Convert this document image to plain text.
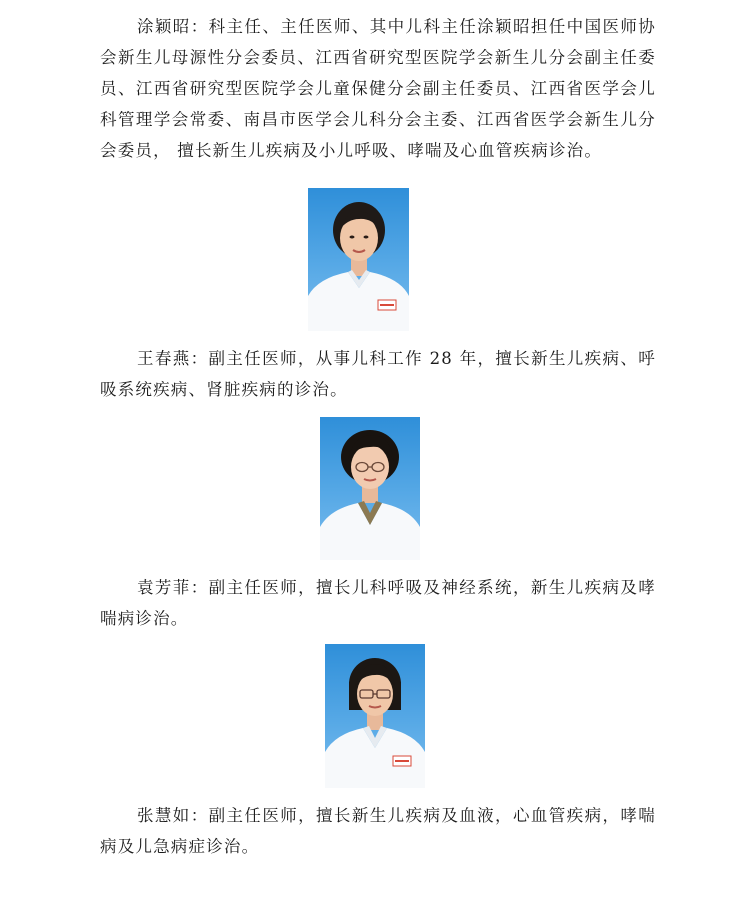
涂颖昭：科主任、主任医师、其中儿科主任涂颖昭担任中国医师协会新生儿母源性分会委员、江西省研究型医院学会新生儿分会副主任委员、江西省研究型医院学会儿童保健分会副主任委员、江西省医学会儿科管理学会常委、南昌市医学会儿科分会主委、江西省医学会新生儿分会委员， 擅长新生儿疾病及小儿呼吸、哮喘及心血管疾病诊治。

王春燕：副主任医师，从事儿科工作 28 年，擅长新生儿疾病、呼吸系统疾病、肾脏疾病的诊治。

袁芳菲：副主任医师，擅长儿科呼吸及神经系统，新生儿疾病及哮喘病诊治。

张慧如：副主任医师，擅长新生儿疾病及血液，心血管疾病，哮喘病及儿急病症诊治。
